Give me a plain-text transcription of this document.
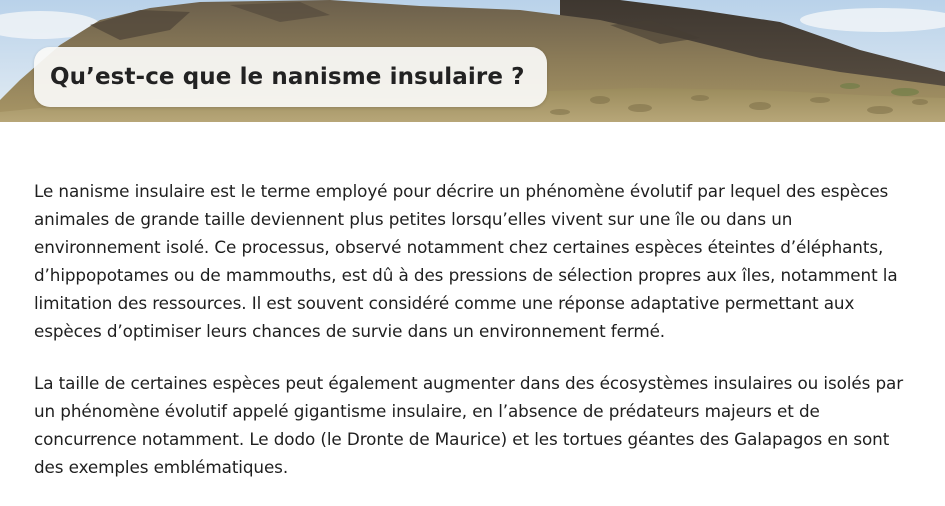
Qu’est-ce que le nanisme insulaire ?

Le nanisme insulaire est le terme employé pour décrire un phénomène évolutif par lequel des espèces animales de grande taille deviennent plus petites lorsqu’elles vivent sur une île ou dans un environnement isolé. Ce processus, observé notamment chez certaines espèces éteintes d’éléphants, d’hippopotames ou de mammouths, est dû à des pressions de sélection propres aux îles, notamment la limitation des ressources. Il est souvent considéré comme une réponse adaptative permettant aux espèces d’optimiser leurs chances de survie dans un environnement fermé.

La taille de certaines espèces peut également augmenter dans des écosystèmes insulaires ou isolés par un phénomène évolutif appelé gigantisme insulaire, en l’absence de prédateurs majeurs et de concurrence notamment. Le dodo (le Dronte de Maurice) et les tortues géantes des Galapagos en sont des exemples emblématiques.
